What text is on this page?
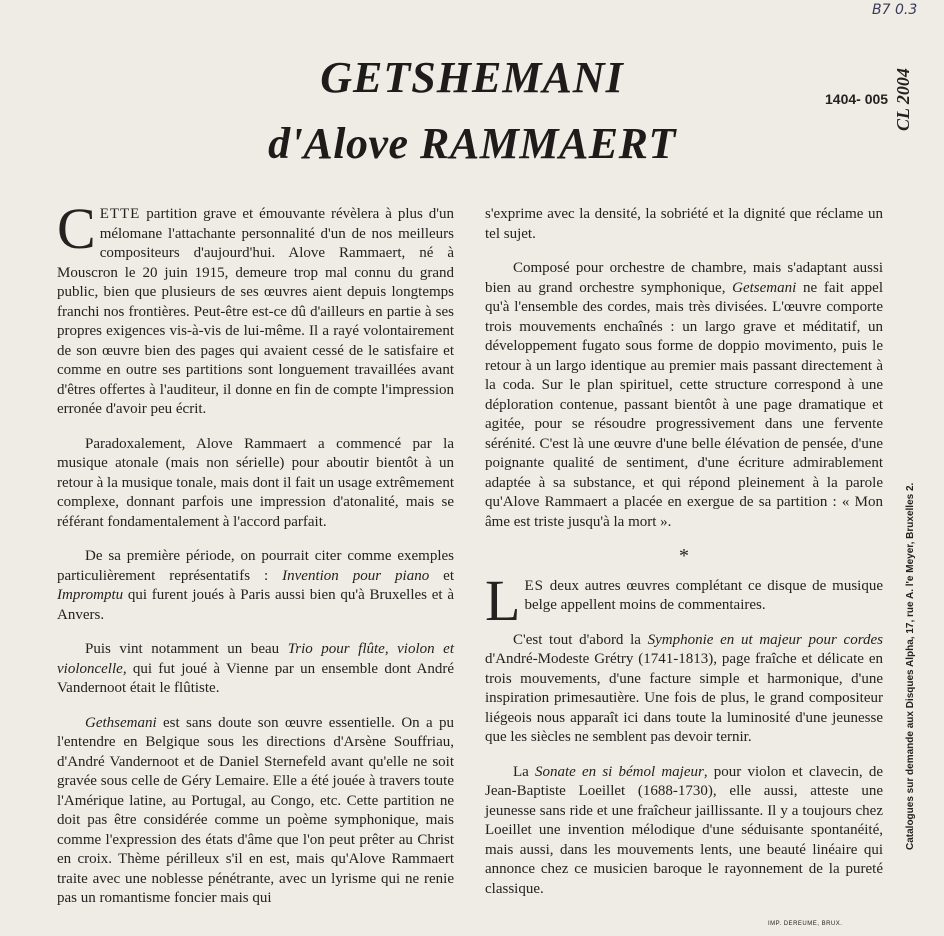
B7 0.3
GETSHEMANI
d'Alove RAMMAERT
1404- 005 CL 2004
Catalogues sur demande aux Disques Alpha, 17, rue A. l'e Meyer, Bruxelles 2.

CETTE partition grave et émouvante révèlera à plus d'un mélomane l'attachante personnalité d'un de nos meilleurs compositeurs d'aujourd'hui. Alove Rammaert, né à Mouscron le 20 juin 1915, demeure trop mal connu du grand public, bien que plusieurs de ses œuvres aient depuis longtemps franchi nos frontières. Peut-être est-ce dû d'ailleurs en partie à ses propres exigences vis-à-vis de lui-même. Il a rayé volontairement de son œuvre bien des pages qui avaient cessé de le satisfaire et comme en outre ses partitions sont longuement travaillées avant d'êtres offertes à l'auditeur, il donne en fin de compte l'impression erronée d'avoir peu écrit.

Paradoxalement, Alove Rammaert a commencé par la musique atonale (mais non sérielle) pour aboutir bientôt à un retour à la musique tonale, mais dont il fait un usage extrêmement complexe, donnant parfois une impression d'atonalité, mais se référant fondamentalement à l'accord parfait.

De sa première période, on pourrait citer comme exemples particulièrement représentatifs : Invention pour piano et Impromptu qui furent joués à Paris aussi bien qu'à Bruxelles et à Anvers.

Puis vint notamment un beau Trio pour flûte, violon et violoncelle, qui fut joué à Vienne par un ensemble dont André Vandernoot était le flûtiste.

Gethsemani est sans doute son œuvre essentielle. On a pu l'entendre en Belgique sous les directions d'Arsène Souffriau, d'André Vandernoot et de Daniel Sternefeld avant qu'elle ne soit gravée sous celle de Géry Lemaire. Elle a été jouée à travers toute l'Amérique latine, au Portugal, au Congo, etc. Cette partition ne doit pas être considérée comme un poème symphonique, mais comme l'expression des états d'âme que l'on peut prêter au Christ en croix. Thème périlleux s'il en est, mais qu'Alove Rammaert traite avec une noblesse pénétrante, avec un lyrisme qui ne renie pas un romantisme foncier mais qui

s'exprime avec la densité, la sobriété et la dignité que réclame un tel sujet.

Composé pour orchestre de chambre, mais s'adaptant aussi bien au grand orchestre symphonique, Getsemani ne fait appel qu'à l'ensemble des cordes, mais très divisées. L'œuvre comporte trois mouvements enchaînés : un largo grave et méditatif, un développement fugato sous forme de doppio movimento, puis le retour à un largo identique au premier mais passant directement à la coda. Sur le plan spirituel, cette structure correspond à une déploration contenue, passant bientôt à une page dramatique et agitée, pour se résoudre progressivement dans une fervente sérénité. C'est là une œuvre d'une belle élévation de pensée, d'une poignante qualité de sentiment, d'une écriture admirablement adaptée à sa substance, et qui répond pleinement à la parole qu'Alove Rammaert a placée en exergue de sa partition : « Mon âme est triste jusqu'à la mort ».

*

LES deux autres œuvres complétant ce disque de musique belge appellent moins de commentaires.

C'est tout d'abord la Symphonie en ut majeur pour cordes d'André-Modeste Grétry (1741-1813), page fraîche et délicate en trois mouvements, d'une facture simple et harmonique, d'une inspiration primesautière. Une fois de plus, le grand compositeur liégeois nous apparaît ici dans toute la luminosité d'une jeunesse que les siècles ne semblent pas devoir ternir.

La Sonate en si bémol majeur, pour violon et clavecin, de Jean-Baptiste Loeillet (1688-1730), elle aussi, atteste une jeunesse sans ride et une fraîcheur jaillissante. Il y a toujours chez Loeillet une invention mélodique d'une séduisante spontanéité, mais aussi, dans les mouvements lents, une beauté linéaire qui annonce chez ce musicien baroque le rayonnement de la pureté classique.

IMP. DEREUME, BRUX.
